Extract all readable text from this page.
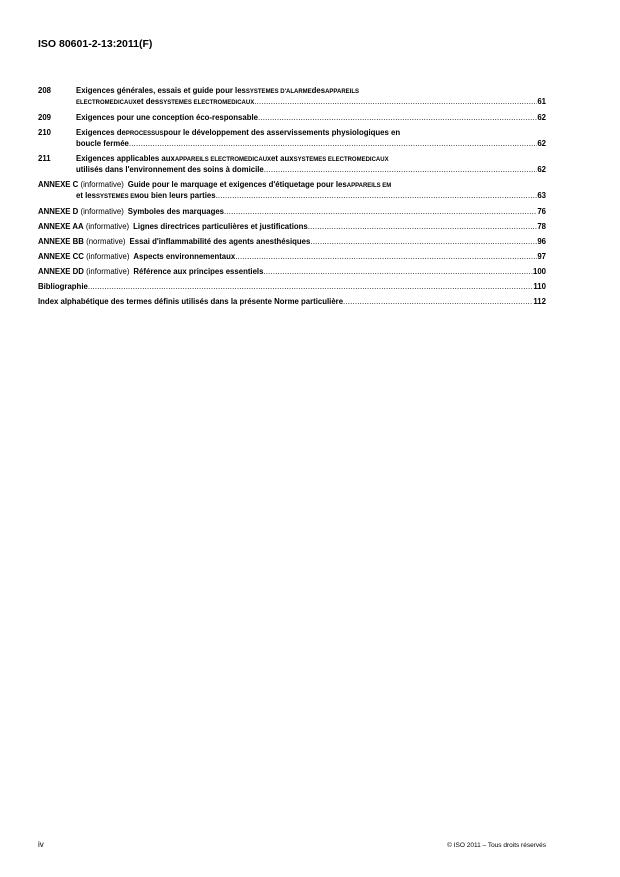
ISO 80601-2-13:2011(F)
208	Exigences générales, essais et guide pour les SYSTEMES D'ALARME des APPAREILS
ELECTROMEDICAUX et des SYSTEMES ELECTROMEDICAUX .....	61
209	Exigences pour une conception éco-responsable .....	62
210	Exigences de PROCESSUS pour le développement des asservissements physiologiques en
boucle fermée .....	62
211	Exigences applicables aux APPAREILS ELECTROMEDICAUX et aux SYSTEMES ELECTROMEDICAUX
utilisés dans l'environnement des soins à domicile .....	62
ANNEXE C
(informative) Guide pour le marquage et exigences d'étiquetage pour les APPAREILS EM
et les SYSTEMES EM ou bien leurs parties .....	63
ANNEXE D
(informative) Symboles des marquages .....	76
ANNEXE AA
(informative) Lignes directrices particulières et justifications .....	78
ANNEXE BB
(normative) Essai d'inflammabilité des agents anesthésiques .....	96
ANNEXE CC
(informative) Aspects environnementaux .....	97
ANNEXE DD
(informative) Référence aux principes essentiels .....	100
Bibliographie .....	110
Index alphabétique des termes définis utilisés dans la présente Norme particulière .....	112
iv	© ISO 2011 – Tous droits réservés
